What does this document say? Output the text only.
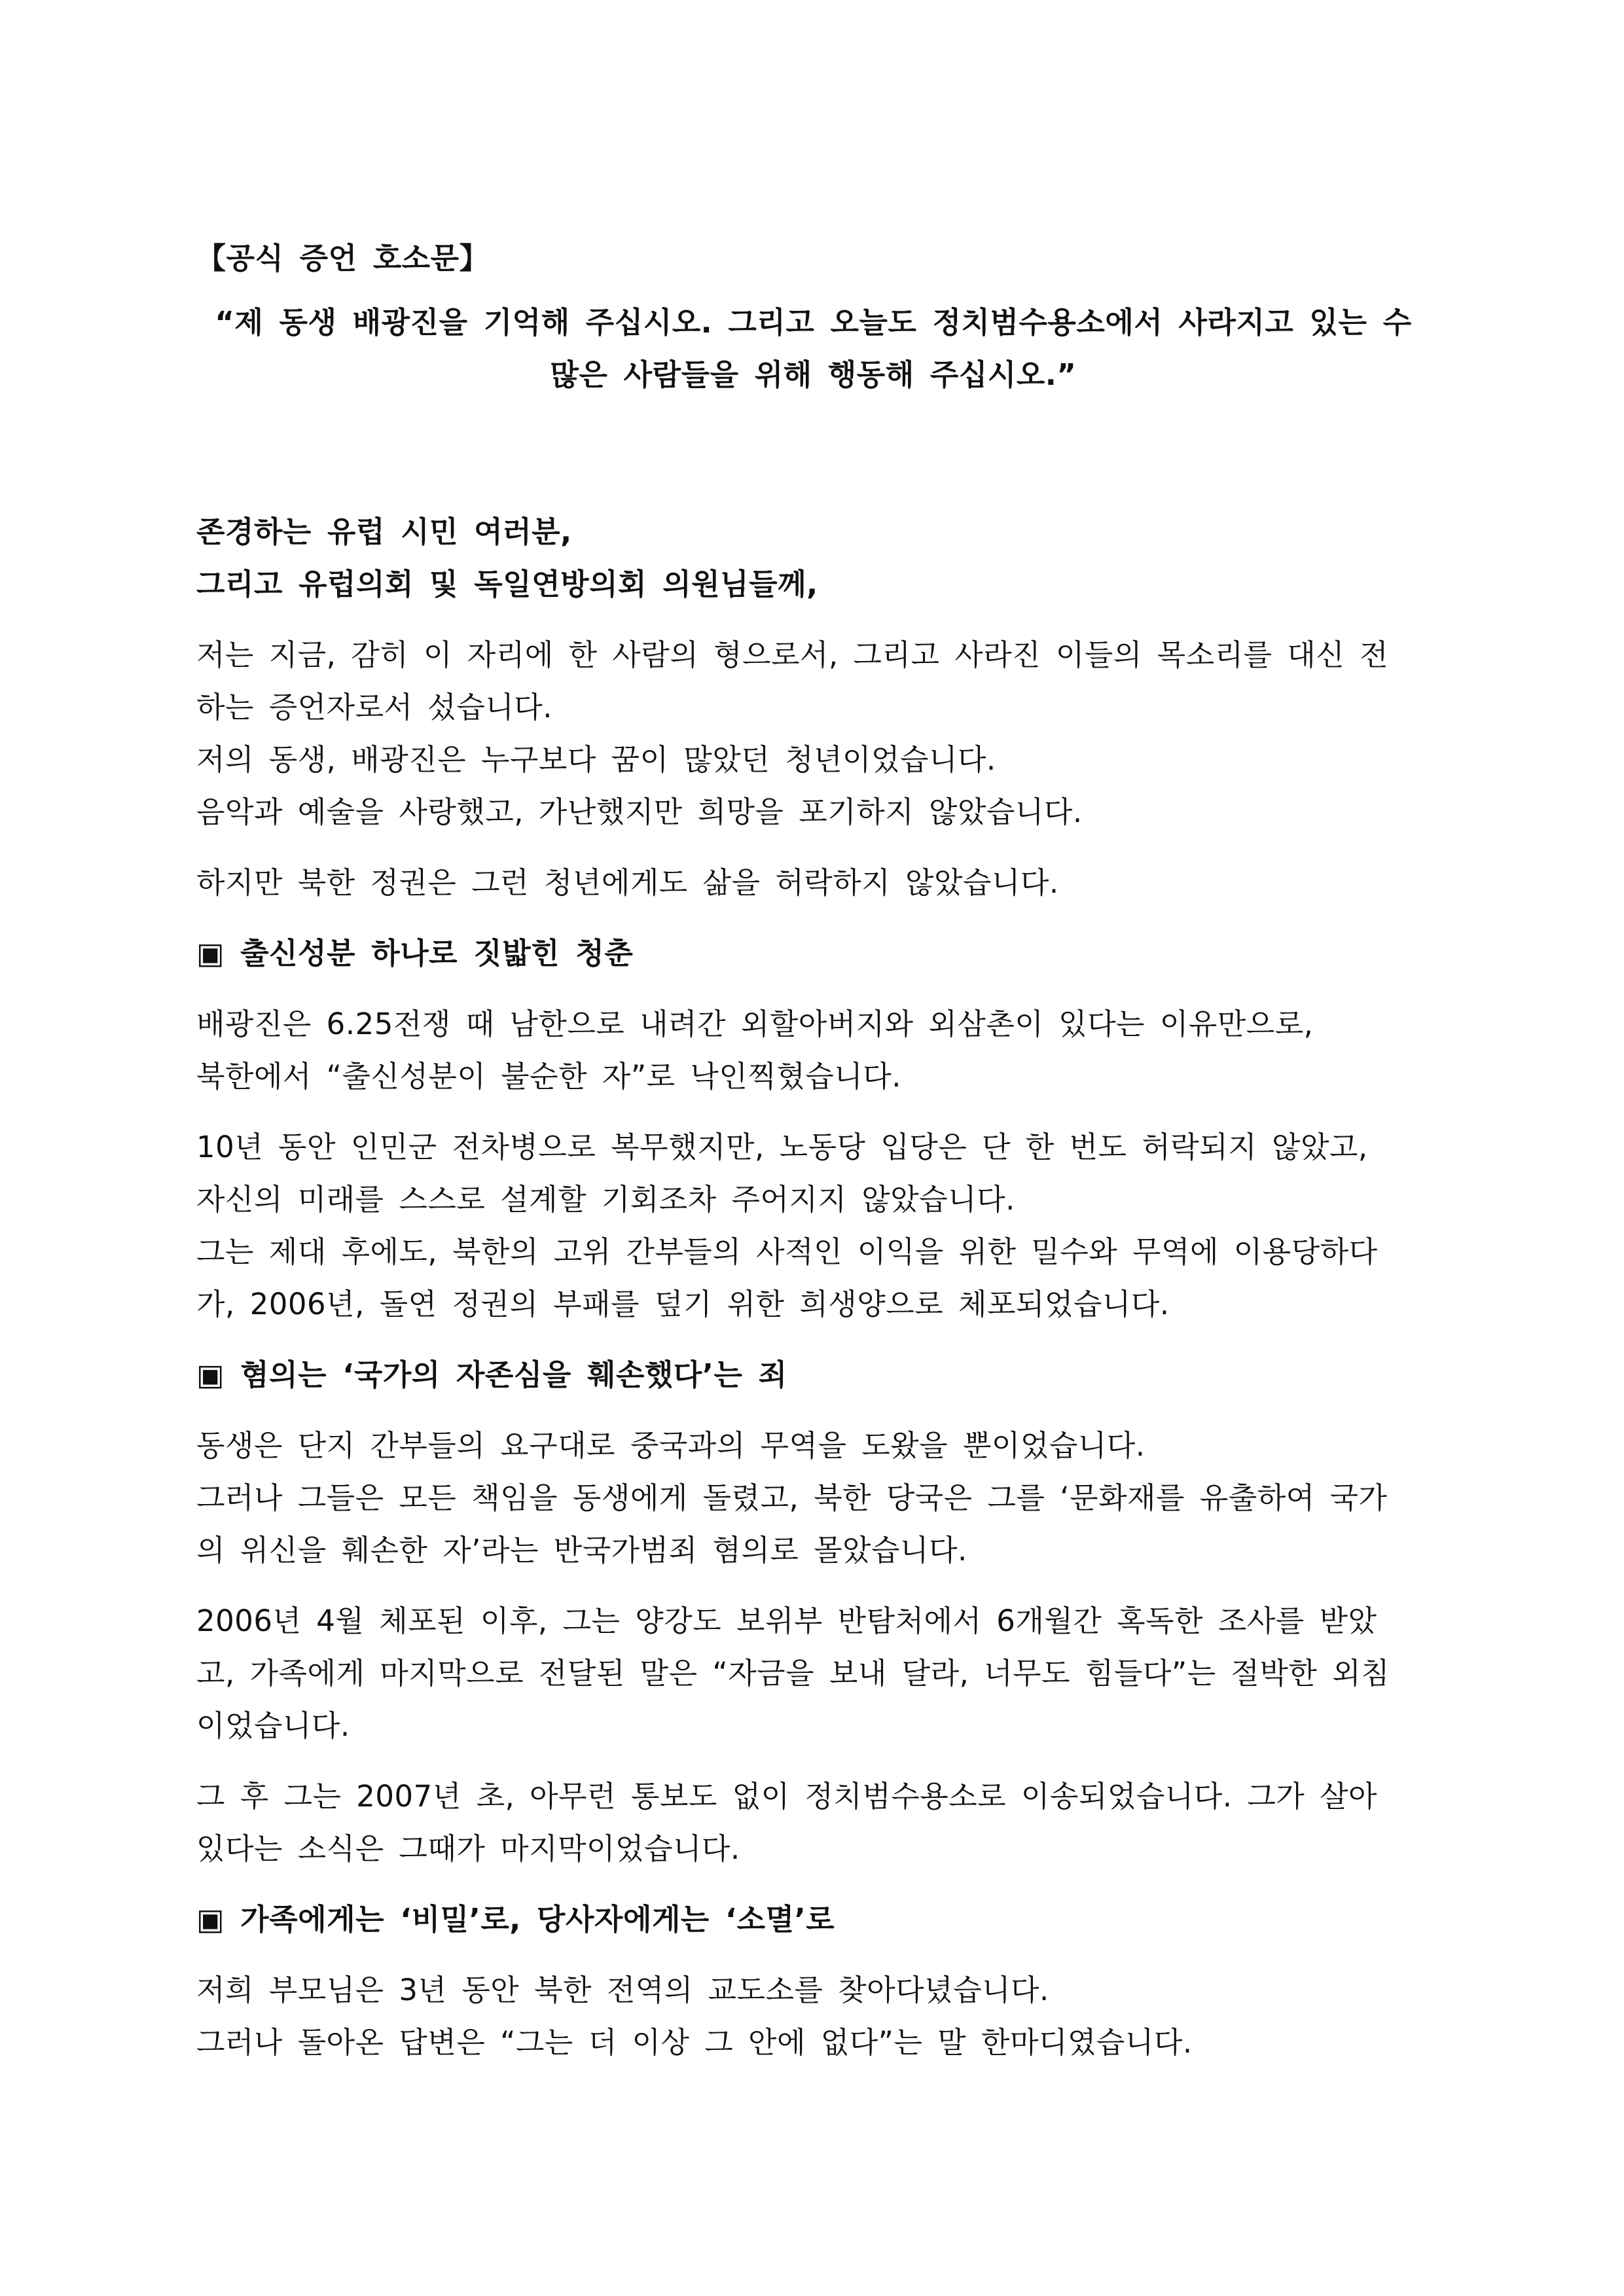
【공식 증언 호소문】

“제 동생 배광진을 기억해 주십시오. 그리고 오늘도 정치범수용소에서 사라지고 있는 수
많은 사람들을 위해 행동해 주십시오.”

존경하는 유럽 시민 여러분,
그리고 유럽의회 및 독일연방의회 의원님들께,

저는 지금, 감히 이 자리에 한 사람의 형으로서, 그리고 사라진 이들의 목소리를 대신 전
하는 증언자로서 섰습니다.
저의 동생, 배광진은 누구보다 꿈이 많았던 청년이었습니다.
음악과 예술을 사랑했고, 가난했지만 희망을 포기하지 않았습니다.

하지만 북한 정권은 그런 청년에게도 삶을 허락하지 않았습니다.

▣ 출신성분 하나로 짓밟힌 청춘

배광진은 6.25전쟁 때 남한으로 내려간 외할아버지와 외삼촌이 있다는 이유만으로,
북한에서 “출신성분이 불순한 자”로 낙인찍혔습니다.

10년 동안 인민군 전차병으로 복무했지만, 노동당 입당은 단 한 번도 허락되지 않았고,
자신의 미래를 스스로 설계할 기회조차 주어지지 않았습니다.
그는 제대 후에도, 북한의 고위 간부들의 사적인 이익을 위한 밀수와 무역에 이용당하다
가, 2006년, 돌연 정권의 부패를 덮기 위한 희생양으로 체포되었습니다.

▣ 혐의는 ‘국가의 자존심을 훼손했다’는 죄

동생은 단지 간부들의 요구대로 중국과의 무역을 도왔을 뿐이었습니다.
그러나 그들은 모든 책임을 동생에게 돌렸고, 북한 당국은 그를 ‘문화재를 유출하여 국가
의 위신을 훼손한 자’라는 반국가범죄 혐의로 몰았습니다.

2006년 4월 체포된 이후, 그는 양강도 보위부 반탐처에서 6개월간 혹독한 조사를 받았
고, 가족에게 마지막으로 전달된 말은 “자금을 보내 달라, 너무도 힘들다”는 절박한 외침
이었습니다.

그 후 그는 2007년 초, 아무런 통보도 없이 정치범수용소로 이송되었습니다. 그가 살아
있다는 소식은 그때가 마지막이었습니다.

▣ 가족에게는 ‘비밀’로, 당사자에게는 ‘소멸’로

저희 부모님은 3년 동안 북한 전역의 교도소를 찾아다녔습니다.
그러나 돌아온 답변은 “그는 더 이상 그 안에 없다”는 말 한마디였습니다.
